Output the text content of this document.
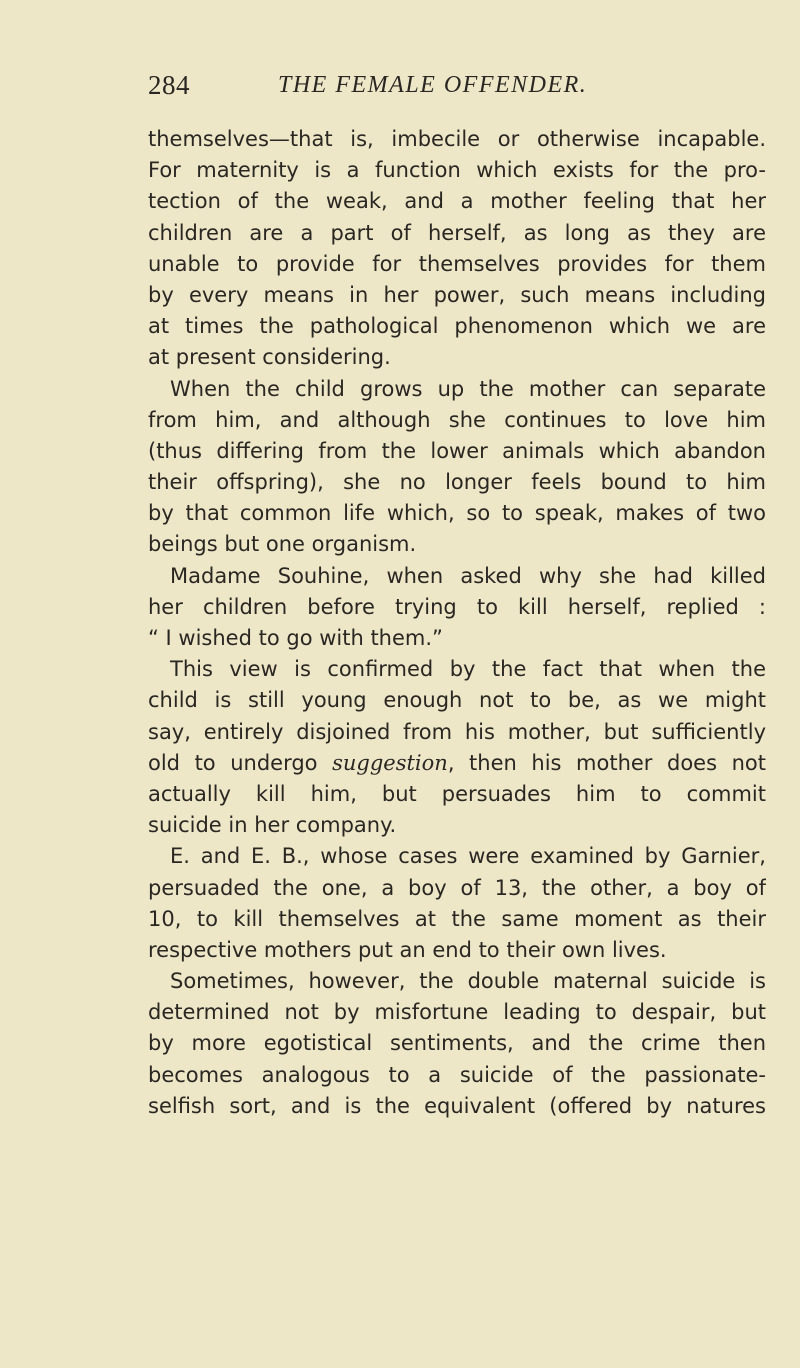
284	THE FEMALE OFFENDER.
themselves—that is, imbecile or otherwise incapable.
For maternity is a function which exists for the pro-
tection of the weak, and a mother feeling that her
children are a part of herself, as long as they are
unable to provide for themselves provides for them
by every means in her power, such means including
at times the pathological phenomenon which we are
at present considering.
When the child grows up the mother can separate
from him, and although she continues to love him
(thus differing from the lower animals which abandon
their offspring), she no longer feels bound to him
by that common life which, so to speak, makes of two
beings but one organism.
Madame Souhine, when asked why she had killed
her children before trying to kill herself, replied :
“ I wished to go with them.”
This view is confirmed by the fact that when the
child is still young enough not to be, as we might
say, entirely disjoined from his mother, but sufficiently
old to undergo suggestion, then his mother does not
actually kill him, but persuades him to commit
suicide in her company.
E. and E. B., whose cases were examined by Garnier,
persuaded the one, a boy of 13, the other, a boy of
10, to kill themselves at the same moment as their
respective mothers put an end to their own lives.
Sometimes, however, the double maternal suicide is
determined not by misfortune leading to despair, but
by more egotistical sentiments, and the crime then
becomes analogous to a suicide of the passionate-
selfish sort, and is the equivalent (offered by natures
